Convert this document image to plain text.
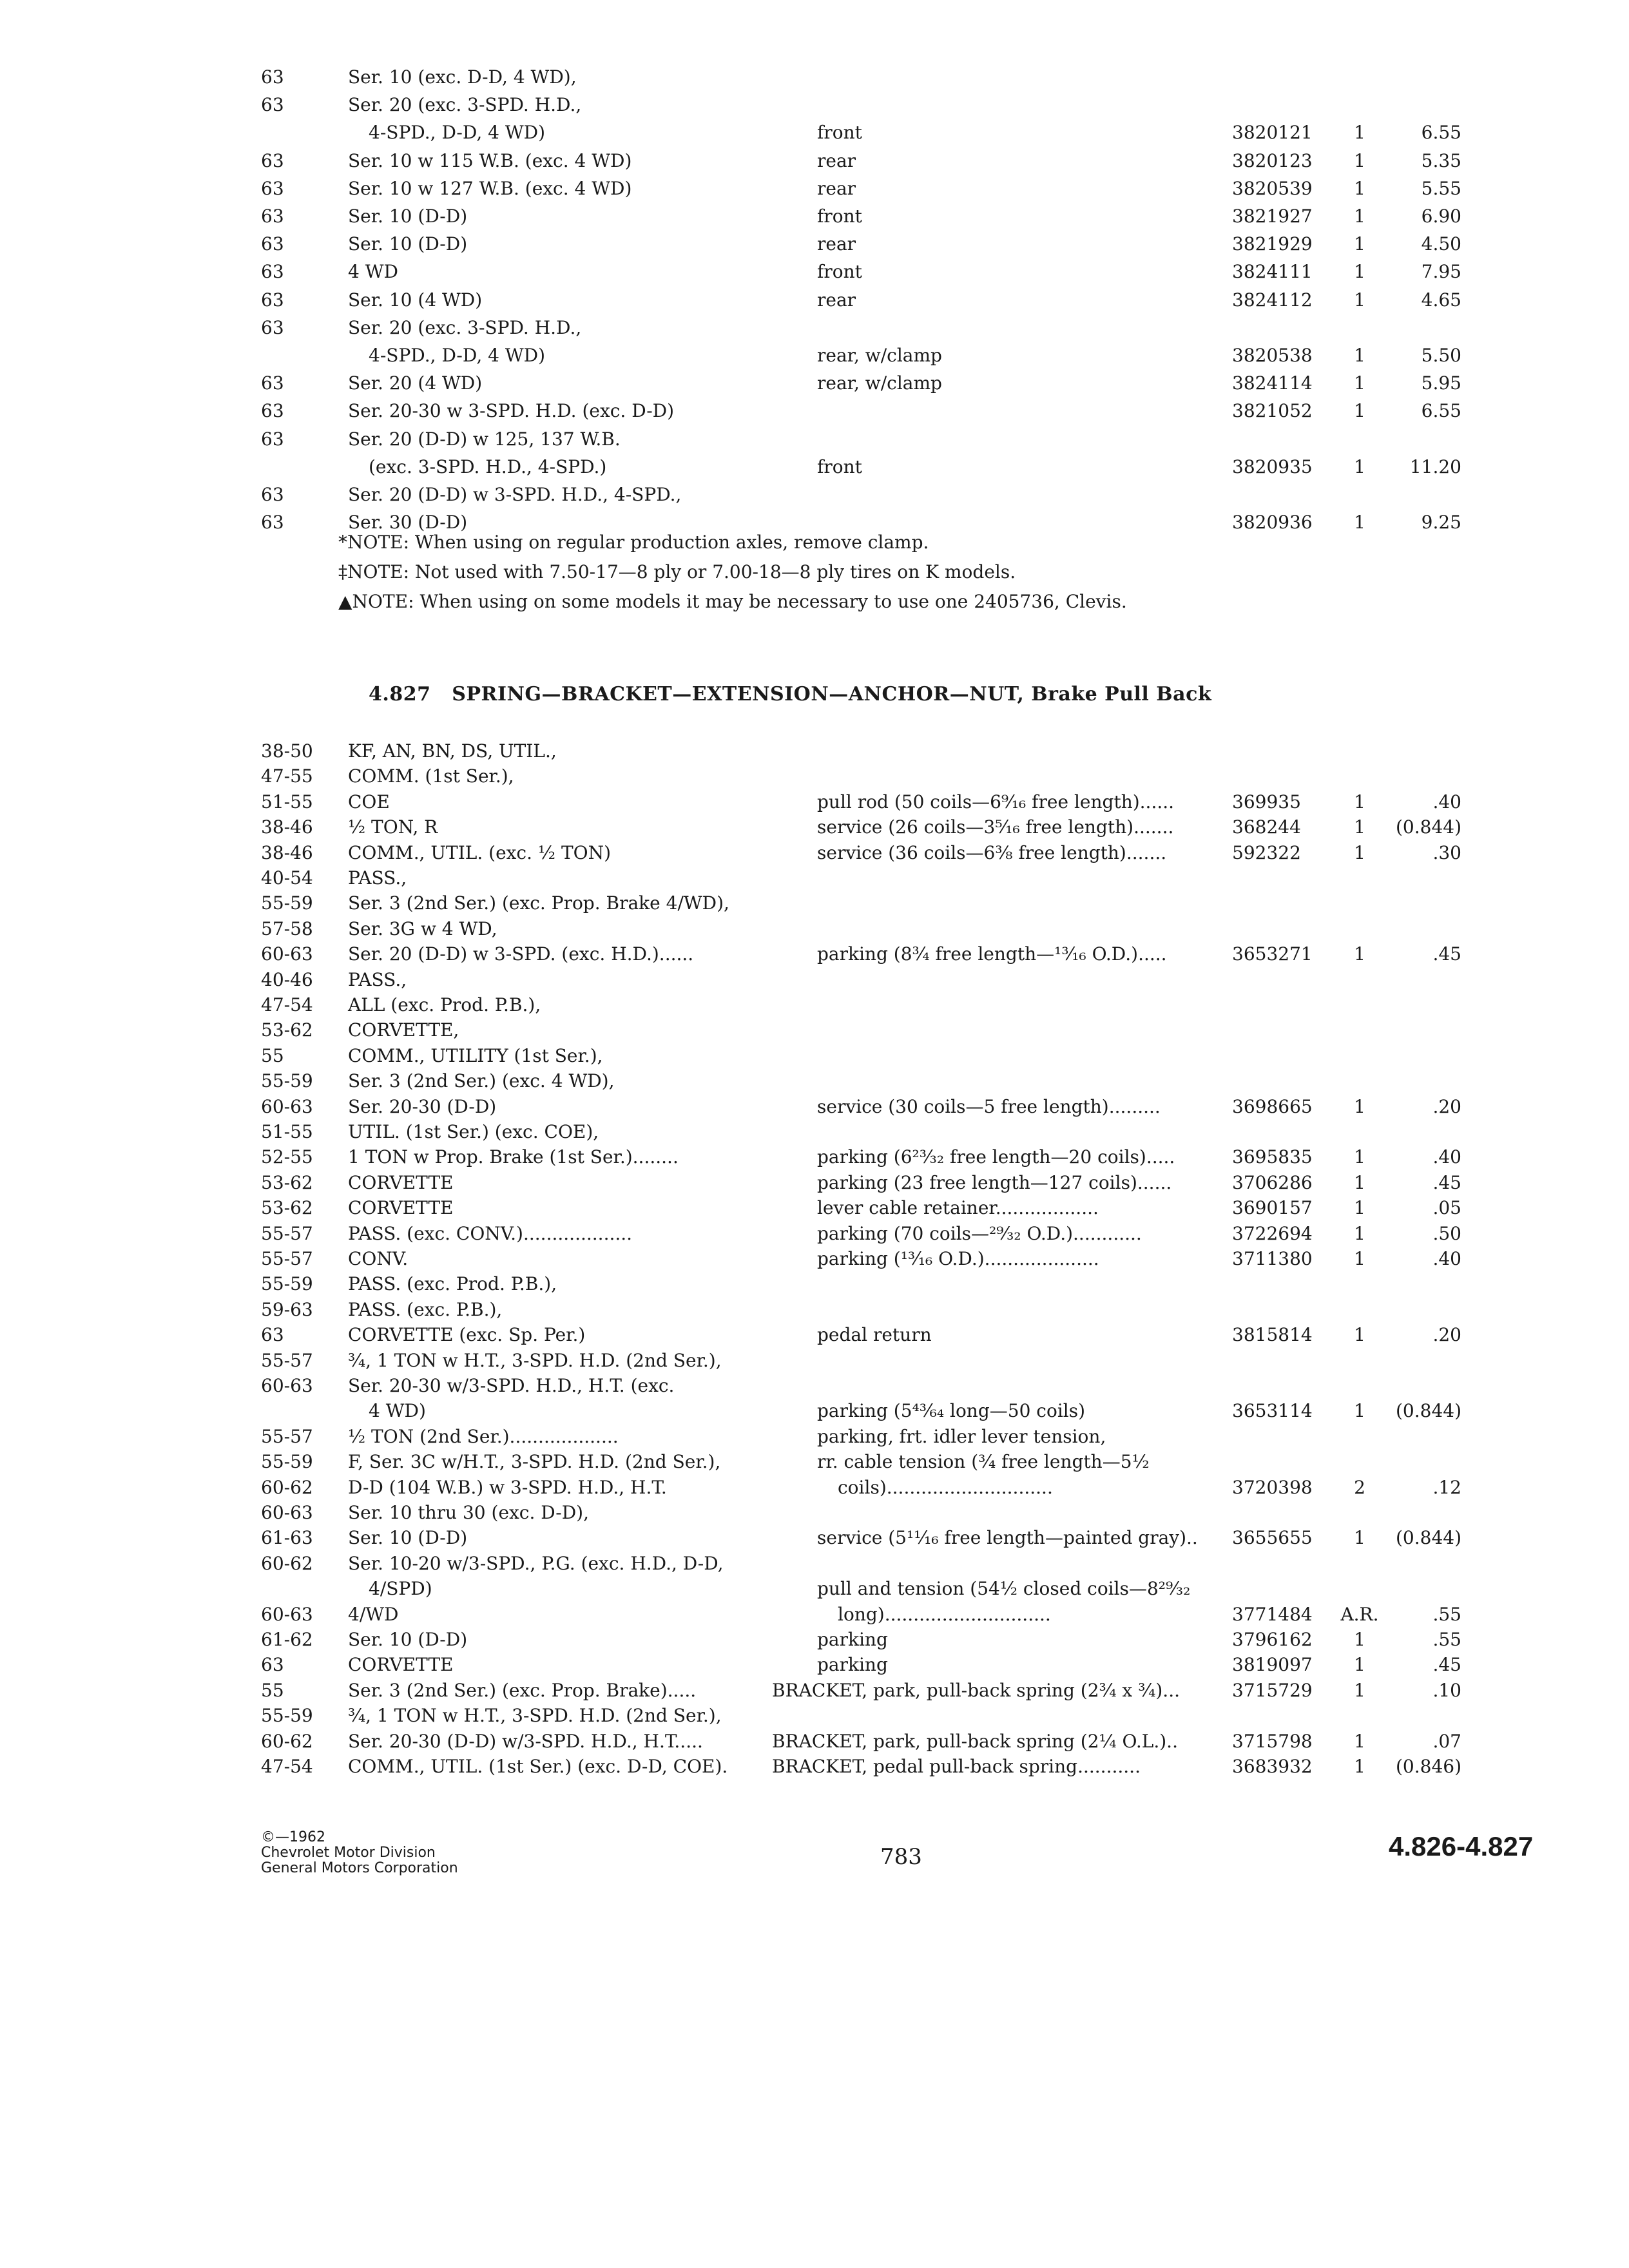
63	Ser. 10 (exc. D-D, 4 WD),
63	Ser. 20 (exc. 3-SPD. H.D.,
4-SPD., D-D, 4 WD)	front	3820121	1	6.55
63	Ser. 10 w 115 W.B. (exc. 4 WD)	rear	3820123	1	5.35
63	Ser. 10 w 127 W.B. (exc. 4 WD)	rear	3820539	1	5.55
63	Ser. 10 (D-D)	front	3821927	1	6.90
63	Ser. 10 (D-D)	rear	3821929	1	4.50
63	4 WD	front	3824111	1	7.95
63	Ser. 10 (4 WD)	rear	3824112	1	4.65
63	Ser. 20 (exc. 3-SPD. H.D.,
4-SPD., D-D, 4 WD)	rear, w/clamp	3820538	1	5.50
63	Ser. 20 (4 WD)	rear, w/clamp	3824114	1	5.95
63	Ser. 20-30 w 3-SPD. H.D. (exc. D-D)	3821052	1	6.55
63	Ser. 20 (D-D) w 125, 137 W.B.
(exc. 3-SPD. H.D., 4-SPD.)	front	3820935	1	11.20
63	Ser. 20 (D-D) w 3-SPD. H.D., 4-SPD.,
63	Ser. 30 (D-D)	3820936	1	9.25
*NOTE: When using on regular production axles, remove clamp.
‡NOTE: Not used with 7.50-17—8 ply or 7.00-18—8 ply tires on K models.
▲NOTE: When using on some models it may be necessary to use one 2405736, Clevis.
4.827 SPRING—BRACKET—EXTENSION—ANCHOR—NUT, Brake Pull Back
38-50 KF, AN, BN, DS, UTIL.,
47-55 COMM. (1st Ser.),
51-55 COE	pull rod (50 coils—6⁹⁄₁₆ free length)......	369935	1	.40
38-46 ½ TON, R	service (26 coils—3⁵⁄₁₆ free length).......	368244	1	(0.844)
38-46 COMM., UTIL. (exc. ½ TON)	service (36 coils—6⅜ free length).......	592322	1	.30
40-54 PASS.,
55-59 Ser. 3 (2nd Ser.) (exc. Prop. Brake 4/WD),
57-58 Ser. 3G w 4 WD,
60-63 Ser. 20 (D-D) w 3-SPD. (exc. H.D.)......	parking (8¾ free length—¹³⁄₁₆ O.D.).....	3653271	1	.45
40-46 PASS.,
47-54 ALL (exc. Prod. P.B.),
53-62 CORVETTE,
55	COMM., UTILITY (1st Ser.),
55-59 Ser. 3 (2nd Ser.) (exc. 4 WD),
60-63 Ser. 20-30 (D-D)	service (30 coils—5 free length).........	3698665	1	.20
51-55 UTIL. (1st Ser.) (exc. COE),
52-55 1 TON w Prop. Brake (1st Ser.)........	parking (6²³⁄₃₂ free length—20 coils).....	3695835	1	.40
53-62 CORVETTE	parking (23 free length—127 coils)......	3706286	1	.45
53-62 CORVETTE	lever cable retainer..................	3690157	1	.05
55-57 PASS. (exc. CONV.)...................	parking (70 coils—²⁹⁄₃₂ O.D.)............	3722694	1	.50
55-57 CONV.	parking (¹³⁄₁₆ O.D.)....................	3711380	1	.40
55-59 PASS. (exc. Prod. P.B.),
59-63 PASS. (exc. P.B.),
63	CORVETTE (exc. Sp. Per.)	pedal return	3815814	1	.20
55-57 ¾, 1 TON w H.T., 3-SPD. H.D. (2nd Ser.),
60-63 Ser. 20-30 w/3-SPD. H.D., H.T. (exc.
4 WD)	parking (5⁴³⁄₆₄ long—50 coils)	3653114	1	(0.844)
55-57 ½ TON (2nd Ser.)...................	parking, frt. idler lever tension,
55-59 F, Ser. 3C w/H.T., 3-SPD. H.D. (2nd Ser.),	rr. cable tension (³⁄₄ free length—5½
60-62 D-D (104 W.B.) w 3-SPD. H.D., H.T.	coils).............................	3720398	2	.12
60-63 Ser. 10 thru 30 (exc. D-D),
61-63 Ser. 10 (D-D)	service (5¹¹⁄₁₆ free length—painted gray).. 3655655	1	(0.844)
60-62 Ser. 10-20 w/3-SPD., P.G. (exc. H.D., D-D,
4/SPD)	pull and tension (54½ closed coils—8²⁹⁄₃₂
60-63 4/WD	long).............................	3771484 A.R.	.55
61-62 Ser. 10 (D-D)	parking	3796162	1	.55
63	CORVETTE	parking	3819097	1	.45
55	Ser. 3 (2nd Ser.) (exc. Prop. Brake).....	BRACKET, park, pull-back spring (2¾ x ¾)...	3715729	1	.10
55-59 ¾, 1 TON w H.T., 3-SPD. H.D. (2nd Ser.),
60-62 Ser. 20-30 (D-D) w/3-SPD. H.D., H.T.....	BRACKET, park, pull-back spring (2¼ O.L.)..	3715798	1	.07
47-54 COMM., UTIL. (1st Ser.) (exc. D-D, COE). BRACKET, pedal pull-back spring...........	3683932	1	(0.846)
©—1962
Chevrolet Motor Division
General Motors Corporation	783	4.826-4.827
